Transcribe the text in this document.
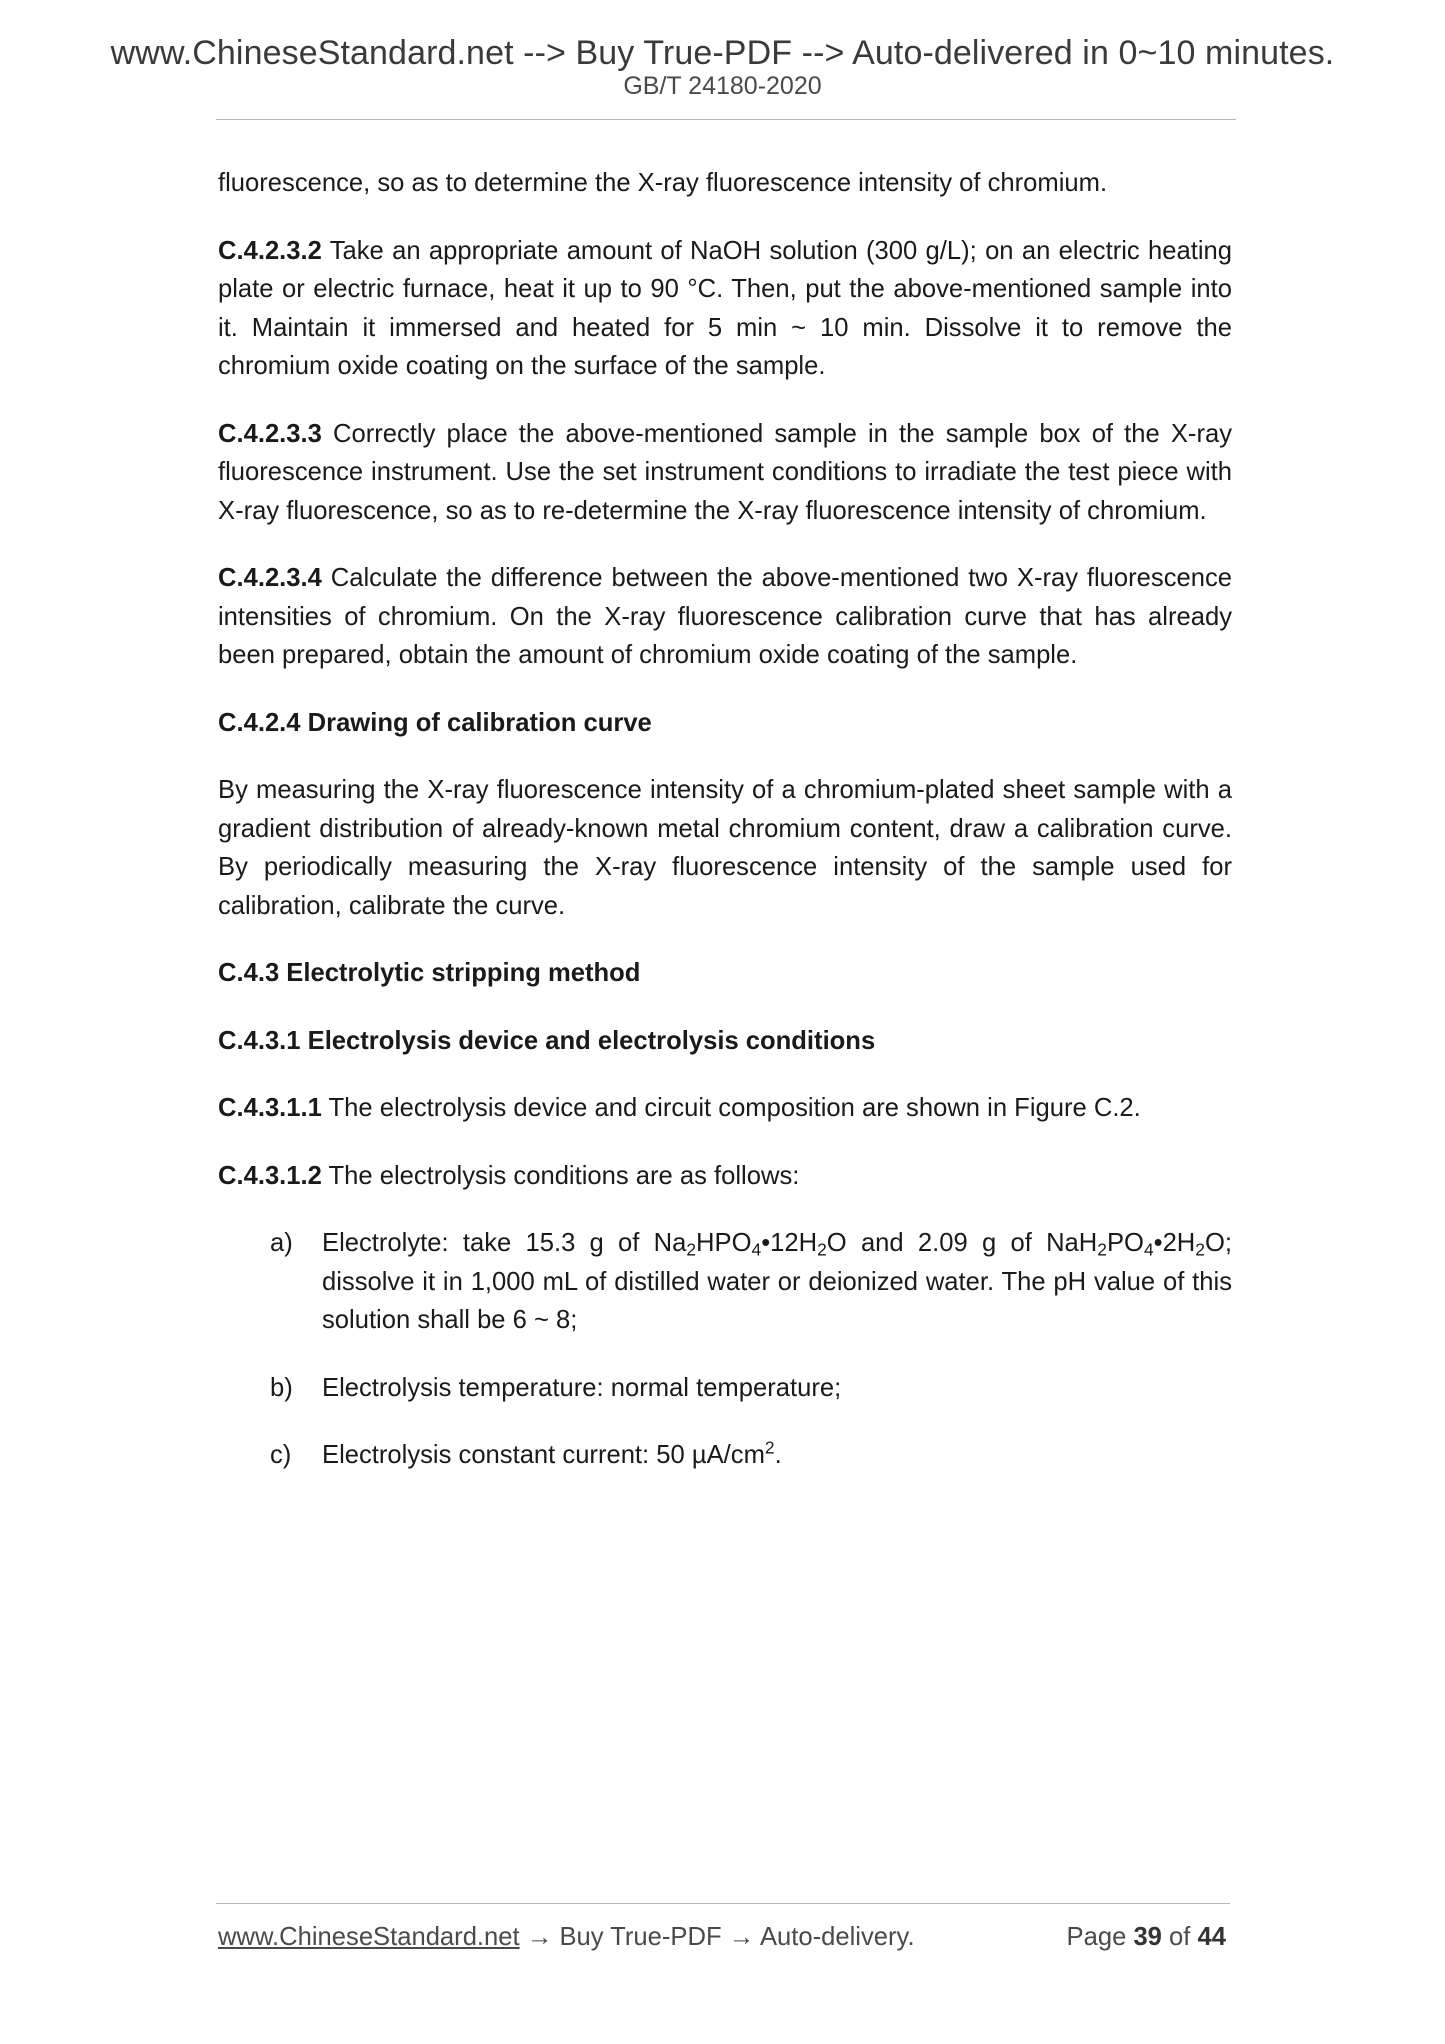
www.ChineseStandard.net --> Buy True-PDF --> Auto-delivered in 0~10 minutes.
GB/T 24180-2020

fluorescence, so as to determine the X-ray fluorescence intensity of chromium.

C.4.2.3.2 Take an appropriate amount of NaOH solution (300 g/L); on an electric heating plate or electric furnace, heat it up to 90 °C. Then, put the above-mentioned sample into it. Maintain it immersed and heated for 5 min ~ 10 min. Dissolve it to remove the chromium oxide coating on the surface of the sample.

C.4.2.3.3 Correctly place the above-mentioned sample in the sample box of the X-ray fluorescence instrument. Use the set instrument conditions to irradiate the test piece with X-ray fluorescence, so as to re-determine the X-ray fluorescence intensity of chromium.

C.4.2.3.4 Calculate the difference between the above-mentioned two X-ray fluorescence intensities of chromium. On the X-ray fluorescence calibration curve that has already been prepared, obtain the amount of chromium oxide coating of the sample.

C.4.2.4 Drawing of calibration curve

By measuring the X-ray fluorescence intensity of a chromium-plated sheet sample with a gradient distribution of already-known metal chromium content, draw a calibration curve. By periodically measuring the X-ray fluorescence intensity of the sample used for calibration, calibrate the curve.

C.4.3 Electrolytic stripping method

C.4.3.1 Electrolysis device and electrolysis conditions

C.4.3.1.1 The electrolysis device and circuit composition are shown in Figure C.2.

C.4.3.1.2 The electrolysis conditions are as follows:

a) Electrolyte: take 15.3 g of $Na_2HPO_4•12H_2O$ and 2.09 g of $NaH_2PO_4•2H_2O$; dissolve it in 1,000 mL of distilled water or deionized water. The pH value of this solution shall be 6 ~ 8;
b) Electrolysis temperature: normal temperature;
c) Electrolysis constant current: 50 $\mu A/cm^2$.
www.ChineseStandard.net → Buy True-PDF → Auto-delivery.	Page 39 of 44
